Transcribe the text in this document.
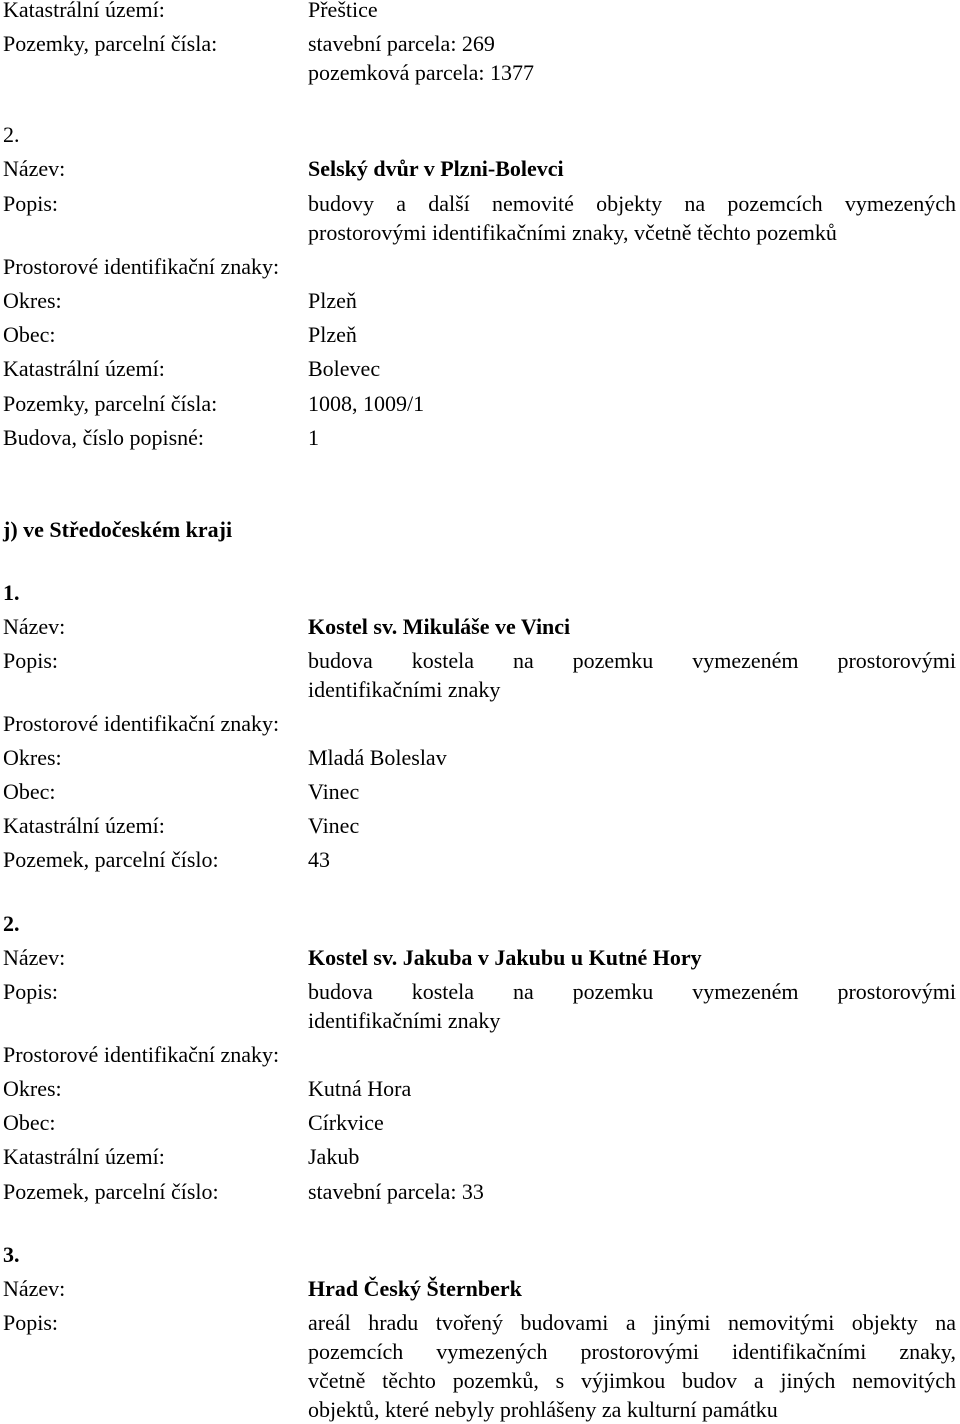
Katastrální území:	Přeštice
Pozemky, parcelní čísla:	stavební parcela: 269
pozemková parcela: 1377
2.
Název:	Selský dvůr v Plzni-Bolevci
Popis:	budovy a další nemovité objekty na pozemcích vymezených
prostorovými identifikačními znaky, včetně těchto pozemků
Prostorové identifikační znaky:
Okres:	Plzeň
Obec:	Plzeň
Katastrální území:	Bolevec
Pozemky, parcelní čísla:	1008, 1009/1
Budova, číslo popisné:	1
j) ve Středočeském kraji
1.
Název:	Kostel sv. Mikuláše ve Vinci
Popis:	budova kostela na pozemku vymezeném prostorovými
identifikačními znaky
Prostorové identifikační znaky:
Okres:	Mladá Boleslav
Obec:	Vinec
Katastrální území:	Vinec
Pozemek, parcelní číslo:	43
2.
Název:	Kostel sv. Jakuba v Jakubu u Kutné Hory
Popis:	budova kostela na pozemku vymezeném prostorovými
identifikačními znaky
Prostorové identifikační znaky:
Okres:	Kutná Hora
Obec:	Církvice
Katastrální území:	Jakub
Pozemek, parcelní číslo:	stavební parcela: 33
3.
Název:	Hrad Český Šternberk
Popis:	areál hradu tvořený budovami a jinými nemovitými objekty na
pozemcích vymezených prostorovými identifikačními znaky,
včetně těchto pozemků, s výjimkou budov a jiných nemovitých
objektů, které nebyly prohlášeny za kulturní památku
